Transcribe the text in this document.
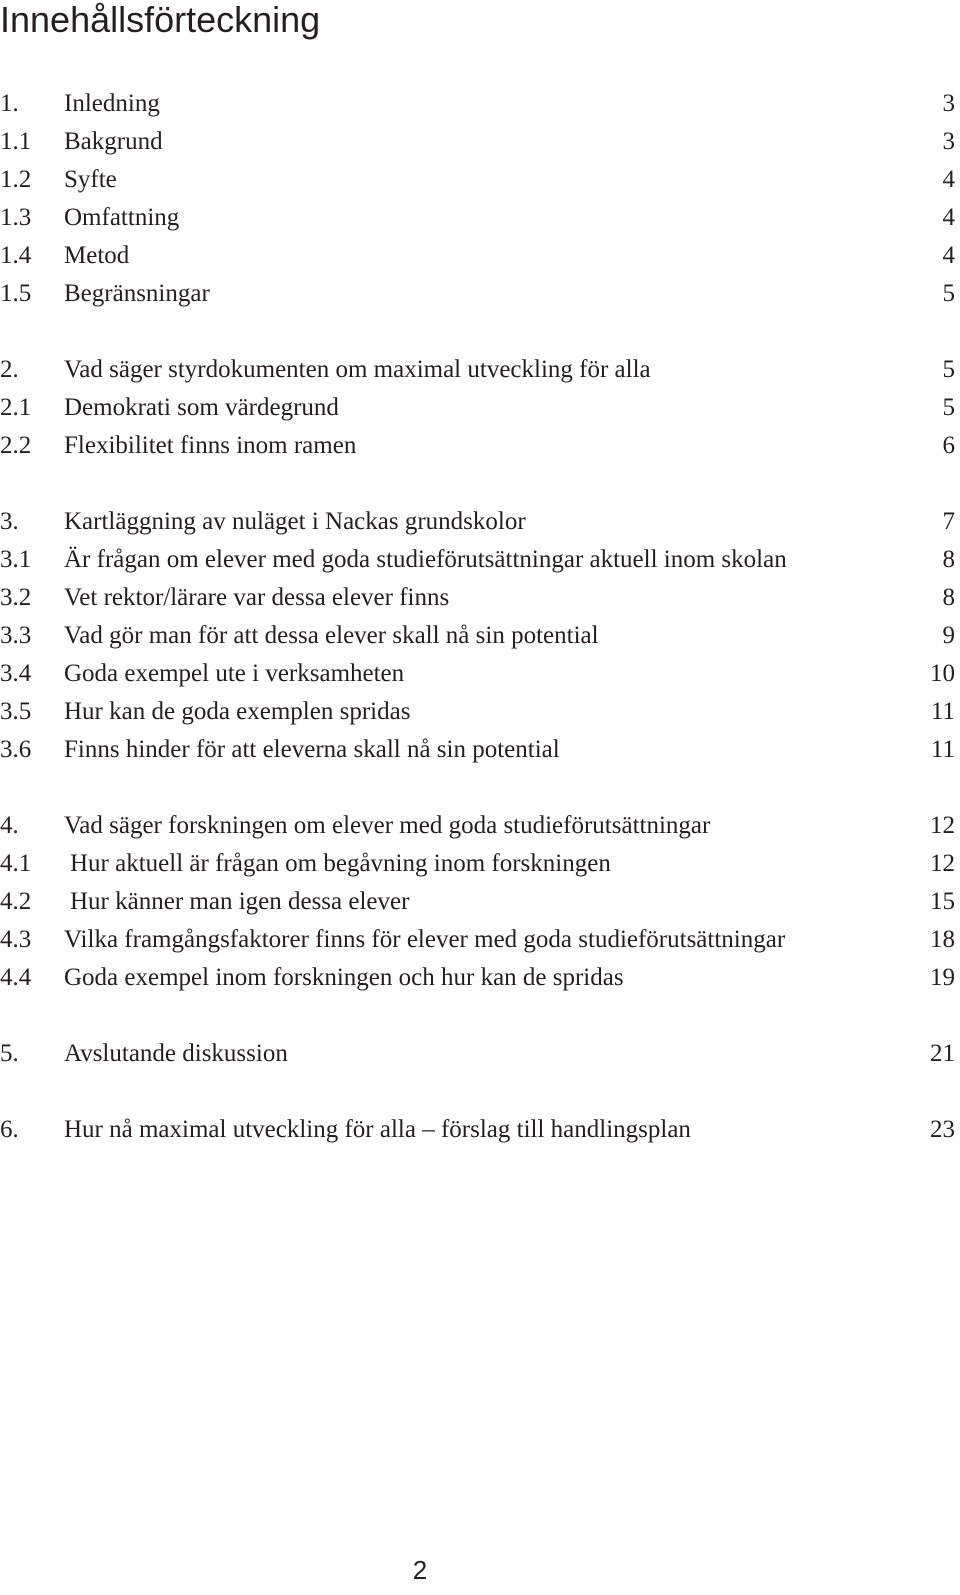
Innehållsförteckning
1. Inledning	3
1.1 Bakgrund	3
1.2 Syfte	4
1.3 Omfattning	4
1.4 Metod	4
1.5 Begränsningar	5
2. Vad säger styrdokumenten om maximal utveckling för alla	5
2.1 Demokrati som värdegrund	5
2.2 Flexibilitet finns inom ramen	6
3. Kartläggning av nuläget i Nackas grundskolor	7
3.1 Är frågan om elever med goda studieförutsättningar aktuell inom skolan	8
3.2 Vet rektor/lärare var dessa elever finns	8
3.3 Vad gör man för att dessa elever skall nå sin potential	9
3.4 Goda exempel ute i verksamheten	10
3.5 Hur kan de goda exemplen spridas	11
3.6 Finns hinder för att eleverna skall nå sin potential	11
4. Vad säger forskningen om elever med goda studieförutsättningar	12
4.1 Hur aktuell är frågan om begåvning inom forskningen	12
4.2 Hur känner man igen dessa elever	15
4.3 Vilka framgångsfaktorer finns för elever med goda studieförutsättningar	18
4.4 Goda exempel inom forskningen och hur kan de spridas	19
5. Avslutande diskussion	21
6. Hur nå maximal utveckling för alla – förslag till handlingsplan	23
2
